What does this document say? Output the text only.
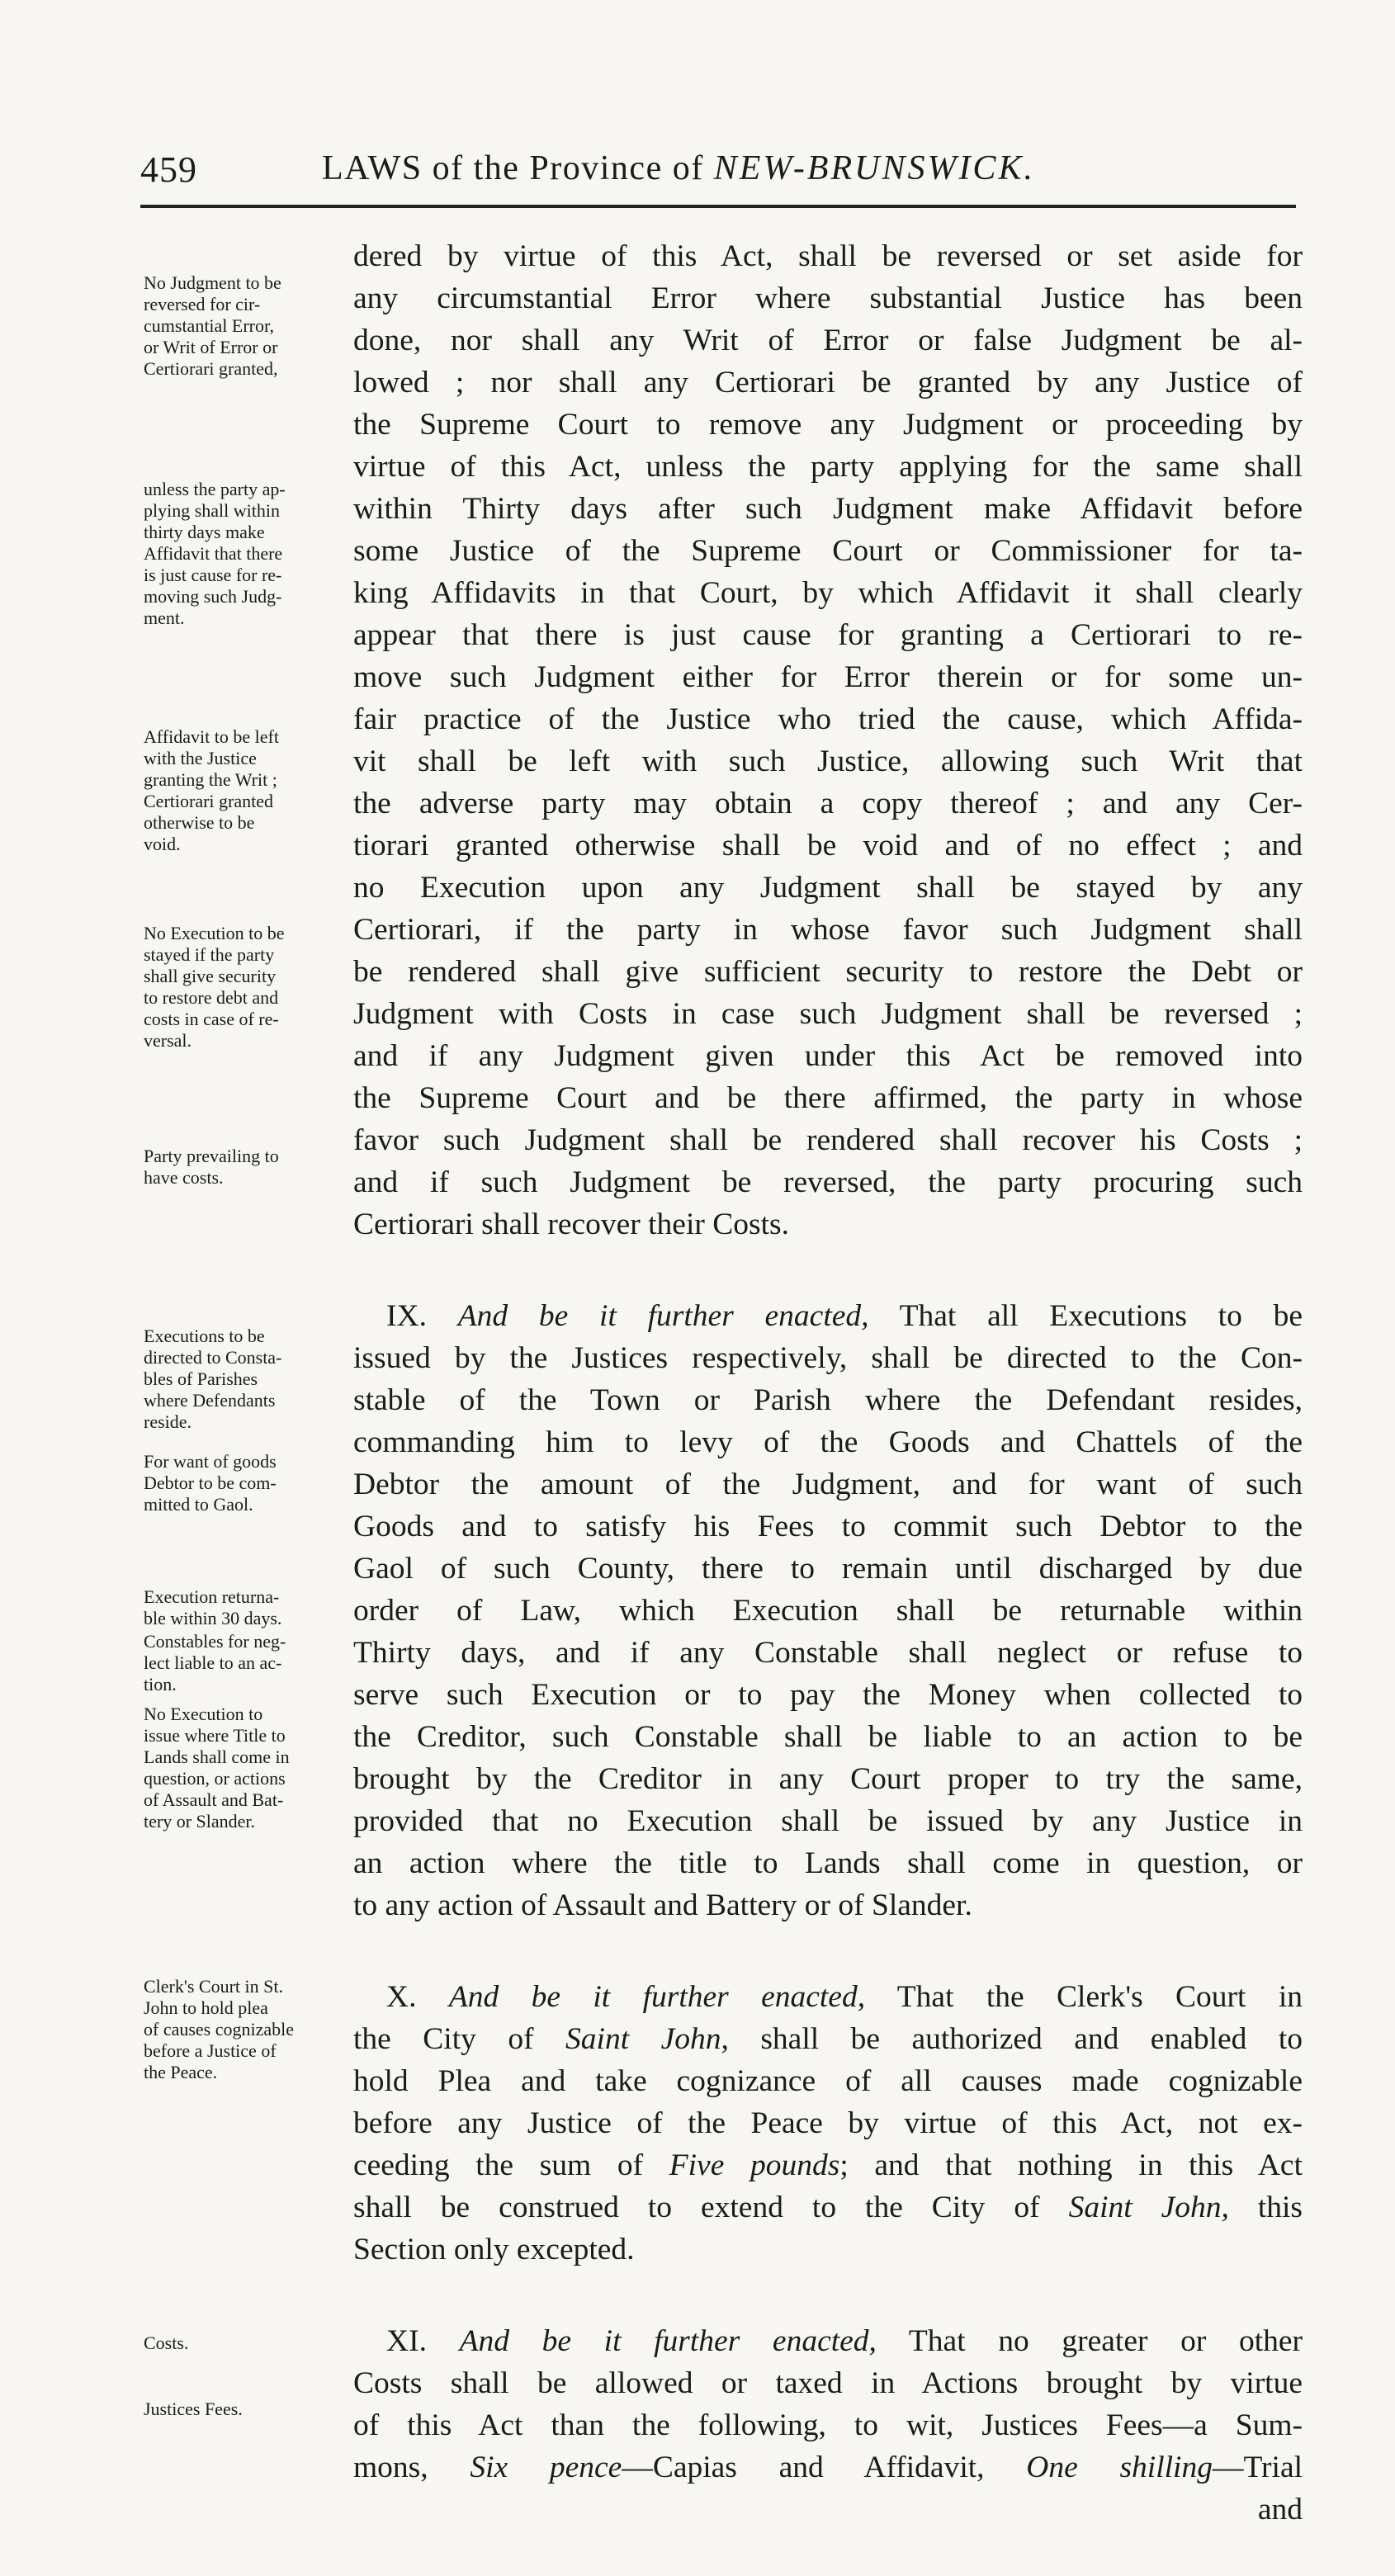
459	LAWS of the Province of NEW-BRUNSWICK.
No Judgment to be
reversed for cir-
cumstantial Error,
or Writ of Error or
Certiorari granted,
unless the party ap-
plying shall within
thirty days make
Affidavit that there
is just cause for re-
moving such Judg-
ment.
Affidavit to be left
with the Justice
granting the Writ ;
Certiorari granted
otherwise to be
void.
No Execution to be
stayed if the party
shall give security
to restore debt and
costs in case of re-
versal.
Party prevailing to
have costs.
Executions to be
directed to Consta-
bles of Parishes
where Defendants
reside.
For want of goods
Debtor to be com-
mitted to Gaol.
Execution returna-
ble within 30 days.
Constables for neg-
lect liable to an ac-
tion.
No Execution to
issue where Title to
Lands shall come in
question, or actions
of Assault and Bat-
tery or Slander.
Clerk's Court in St.
John to hold plea
of causes cognizable
before a Justice of
the Peace.
Costs.
Justices Fees.
dered by virtue of this Act, shall be reversed or set aside for
any circumstantial Error where substantial Justice has been
done, nor shall any Writ of Error or false Judgment be al-
lowed ; nor shall any Certiorari be granted by any Justice of
the Supreme Court to remove any Judgment or proceeding by
virtue of this Act, unless the party applying for the same shall
within Thirty days after such Judgment make Affidavit before
some Justice of the Supreme Court or Commissioner for ta-
king Affidavits in that Court, by which Affidavit it shall clearly
appear that there is just cause for granting a Certiorari to re-
move such Judgment either for Error therein or for some un-
fair practice of the Justice who tried the cause, which Affida-
vit shall be left with such Justice, allowing such Writ that
the adverse party may obtain a copy thereof ; and any Cer-
tiorari granted otherwise shall be void and of no effect ; and
no Execution upon any Judgment shall be stayed by any
Certiorari, if the party in whose favor such Judgment shall
be rendered shall give sufficient security to restore the Debt or
Judgment with Costs in case such Judgment shall be reversed ;
and if any Judgment given under this Act be removed into
the Supreme Court and be there affirmed, the party in whose
favor such Judgment shall be rendered shall recover his Costs ;
and if such Judgment be reversed, the party procuring such
Certiorari shall recover their Costs.
IX. And be it further enacted, That all Executions to be
issued by the Justices respectively, shall be directed to the Con-
stable of the Town or Parish where the Defendant resides,
commanding him to levy of the Goods and Chattels of the
Debtor the amount of the Judgment, and for want of such
Goods and to satisfy his Fees to commit such Debtor to the
Gaol of such County, there to remain until discharged by due
order of Law, which Execution shall be returnable within
Thirty days, and if any Constable shall neglect or refuse to
serve such Execution or to pay the Money when collected to
the Creditor, such Constable shall be liable to an action to be
brought by the Creditor in any Court proper to try the same,
provided that no Execution shall be issued by any Justice in
an action where the title to Lands shall come in question, or
to any action of Assault and Battery or of Slander.
X. And be it further enacted, That the Clerk's Court in
the City of Saint John, shall be authorized and enabled to
hold Plea and take cognizance of all causes made cognizable
before any Justice of the Peace by virtue of this Act, not ex-
ceeding the sum of Five pounds; and that nothing in this Act
shall be construed to extend to the City of Saint John, this
Section only excepted.
XI. And be it further enacted, That no greater or other
Costs shall be allowed or taxed in Actions brought by virtue
of this Act than the following, to wit, Justices Fees—a Sum-
mons, Six pence—Capias and Affidavit, One shilling—Trial
and
